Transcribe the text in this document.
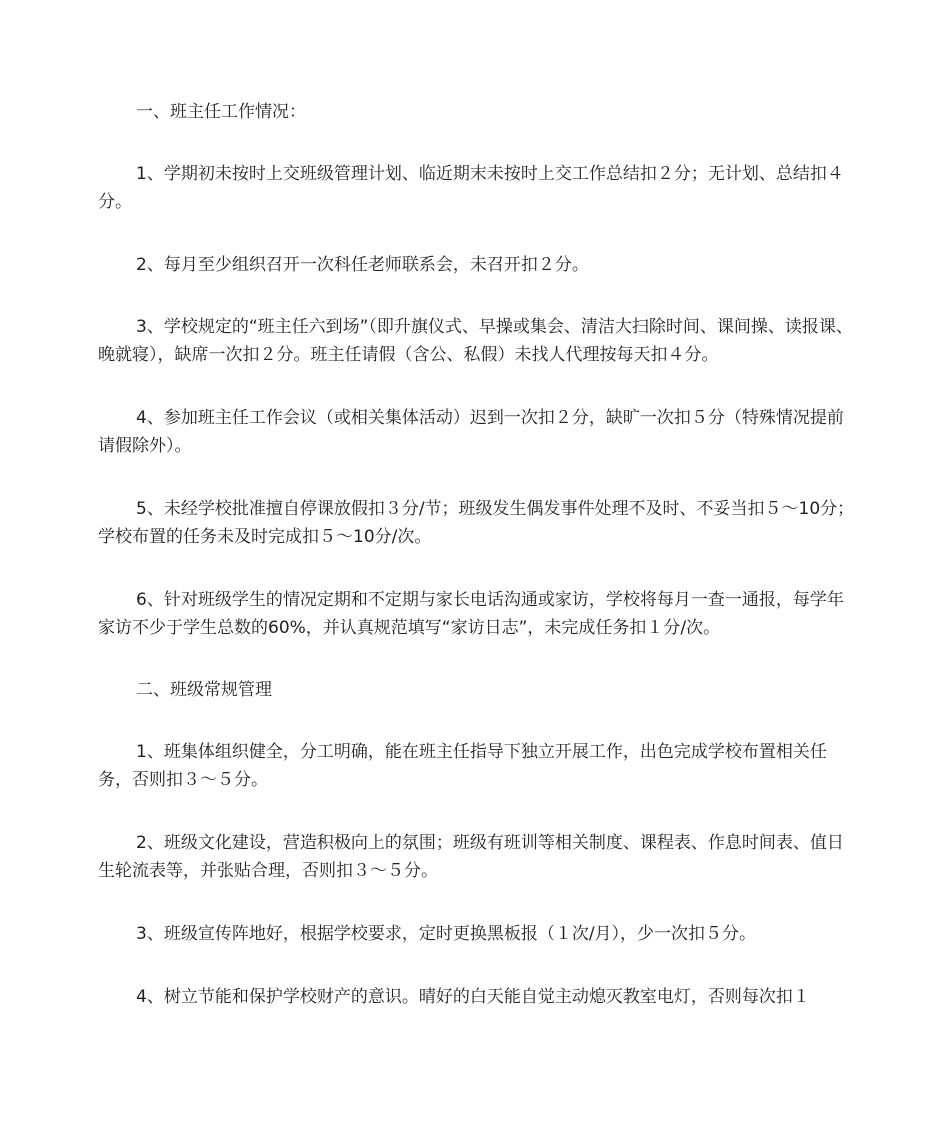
一、班主任工作情况：

1、学期初未按时上交班级管理计划、临近期末未按时上交工作总结扣２分；无计划、总结扣４分。

2、每月至少组织召开一次科任老师联系会，未召开扣２分。

3、学校规定的“班主任六到场”（即升旗仪式、早操或集会、清洁大扫除时间、课间操、读报课、晚就寝），缺席一次扣２分。班主任请假（含公、私假）未找人代理按每天扣４分。

4、参加班主任工作会议（或相关集体活动）迟到一次扣２分，缺旷一次扣５分（特殊情况提前请假除外）。

5、未经学校批准擅自停课放假扣３分/节；班级发生偶发事件处理不及时、不妥当扣５～10分；学校布置的任务未及时完成扣５～10分/次。

6、针对班级学生的情况定期和不定期与家长电话沟通或家访，学校将每月一查一通报，每学年家访不少于学生总数的60%，并认真规范填写“家访日志”，未完成任务扣１分/次。

二、班级常规管理

1、班集体组织健全，分工明确，能在班主任指导下独立开展工作，出色完成学校布置相关任务，否则扣３～５分。

2、班级文化建设，营造积极向上的氛围；班级有班训等相关制度、课程表、作息时间表、值日生轮流表等，并张贴合理，否则扣３～５分。

3、班级宣传阵地好，根据学校要求，定时更换黑板报（１次/月），少一次扣５分。

4、树立节能和保护学校财产的意识。晴好的白天能自觉主动熄灭教室电灯，否则每次扣１
